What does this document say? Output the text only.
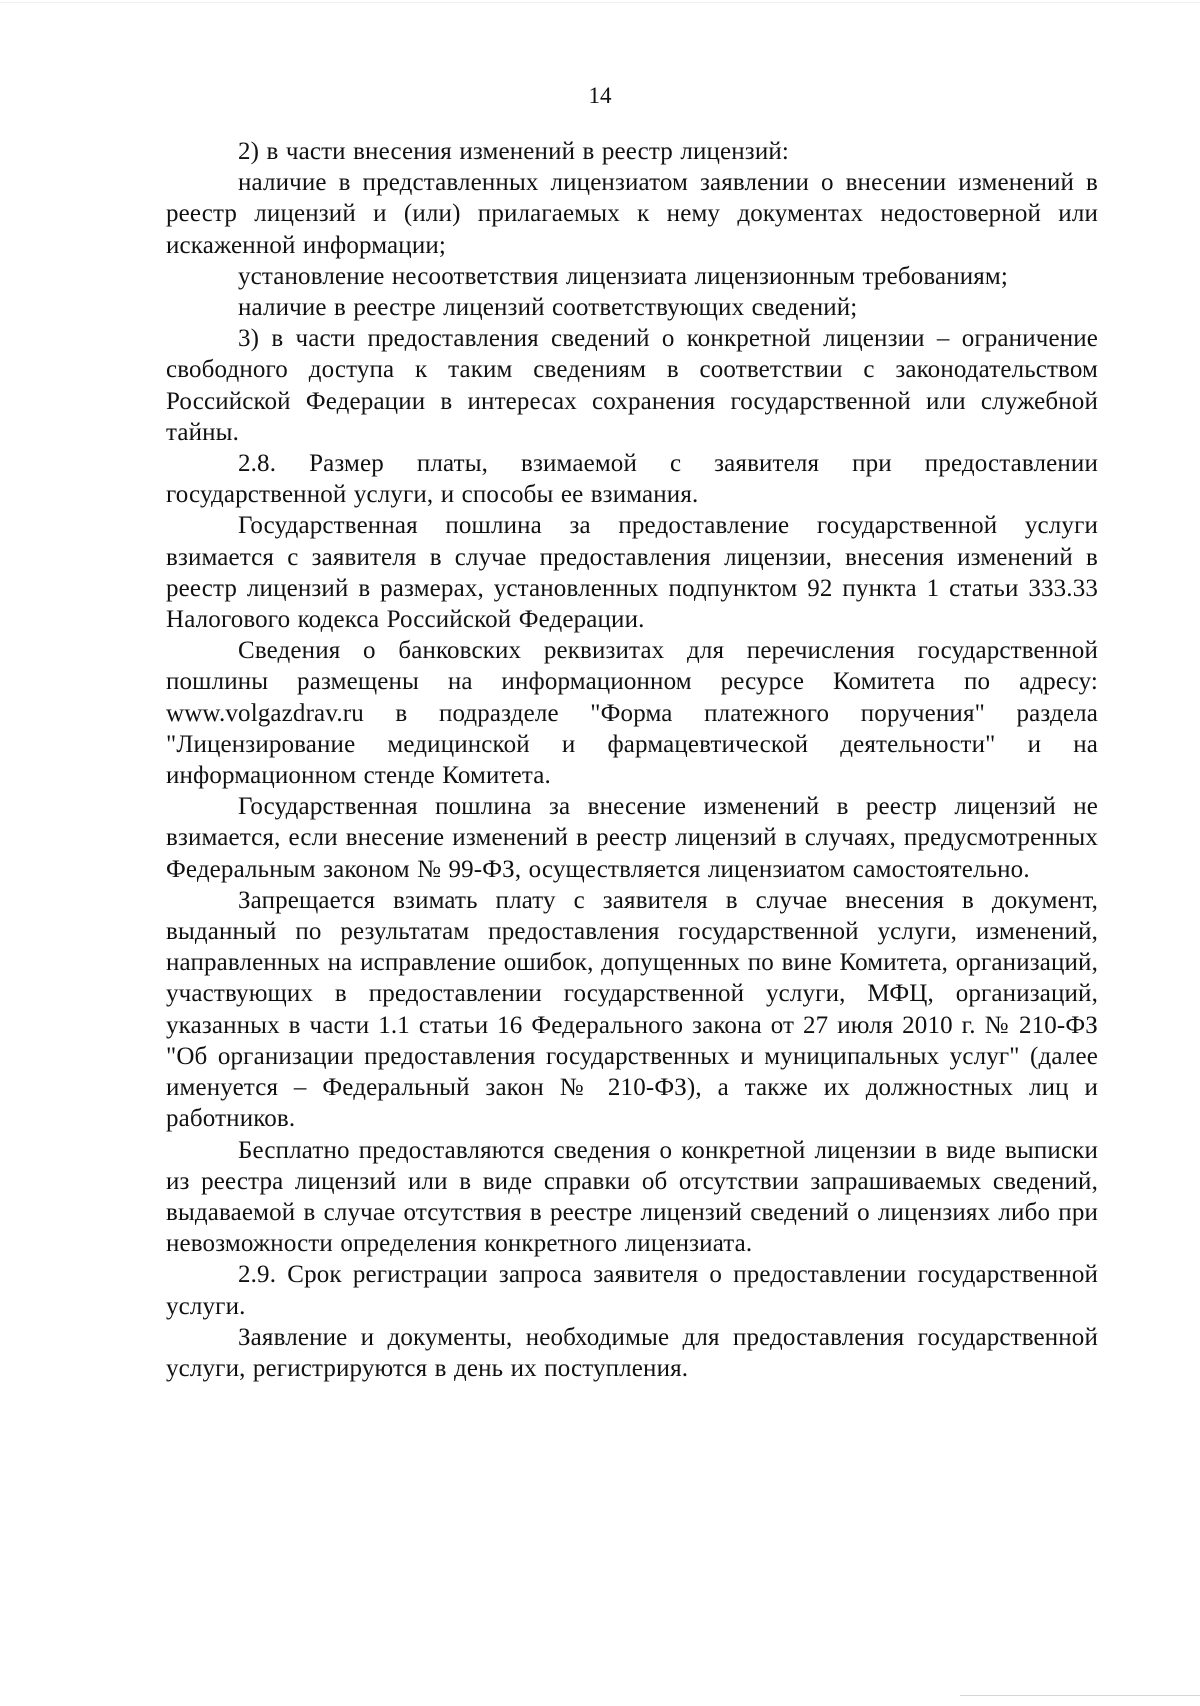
14

2) в части внесения изменений в реестр лицензий:

наличие в представленных лицензиатом заявлении о внесении изменений в реестр лицензий и (или) прилагаемых к нему документах недостоверной или искаженной информации;

установление несоответствия лицензиата лицензионным требованиям;

наличие в реестре лицензий соответствующих сведений;

3) в части предоставления сведений о конкретной лицензии – ограничение свободного доступа к таким сведениям в соответствии с законодательством Российской Федерации в интересах сохранения государственной или служебной тайны.

2.8. Размер платы, взимаемой с заявителя при предоставлении государственной услуги, и способы ее взимания.

Государственная пошлина за предоставление государственной услуги взимается с заявителя в случае предоставления лицензии, внесения изменений в реестр лицензий в размерах, установленных подпунктом 92 пункта 1 статьи 333.33 Налогового кодекса Российской Федерации.

Сведения о банковских реквизитах для перечисления государственной пошлины размещены на информационном ресурсе Комитета по адресу: www.volgazdrav.ru в подразделе "Форма платежного поручения" раздела "Лицензирование медицинской и фармацевтической деятельности" и на информационном стенде Комитета.

Государственная пошлина за внесение изменений в реестр лицензий не взимается, если внесение изменений в реестр лицензий в случаях, предусмотренных Федеральным законом № 99-ФЗ, осуществляется лицензиатом самостоятельно.

Запрещается взимать плату с заявителя в случае внесения в документ, выданный по результатам предоставления государственной услуги, изменений, направленных на исправление ошибок, допущенных по вине Комитета, организаций, участвующих в предоставлении государственной услуги, МФЦ, организаций, указанных в части 1.1 статьи 16 Федерального закона от 27 июля 2010 г. № 210-ФЗ "Об организации предоставления государственных и муниципальных услуг" (далее именуется – Федеральный закон № 210-ФЗ), а также их должностных лиц и работников.

Бесплатно предоставляются сведения о конкретной лицензии в виде выписки из реестра лицензий или в виде справки об отсутствии запрашиваемых сведений, выдаваемой в случае отсутствия в реестре лицензий сведений о лицензиях либо при невозможности определения конкретного лицензиата.

2.9. Срок регистрации запроса заявителя о предоставлении государственной услуги.

Заявление и документы, необходимые для предоставления государственной услуги, регистрируются в день их поступления.
